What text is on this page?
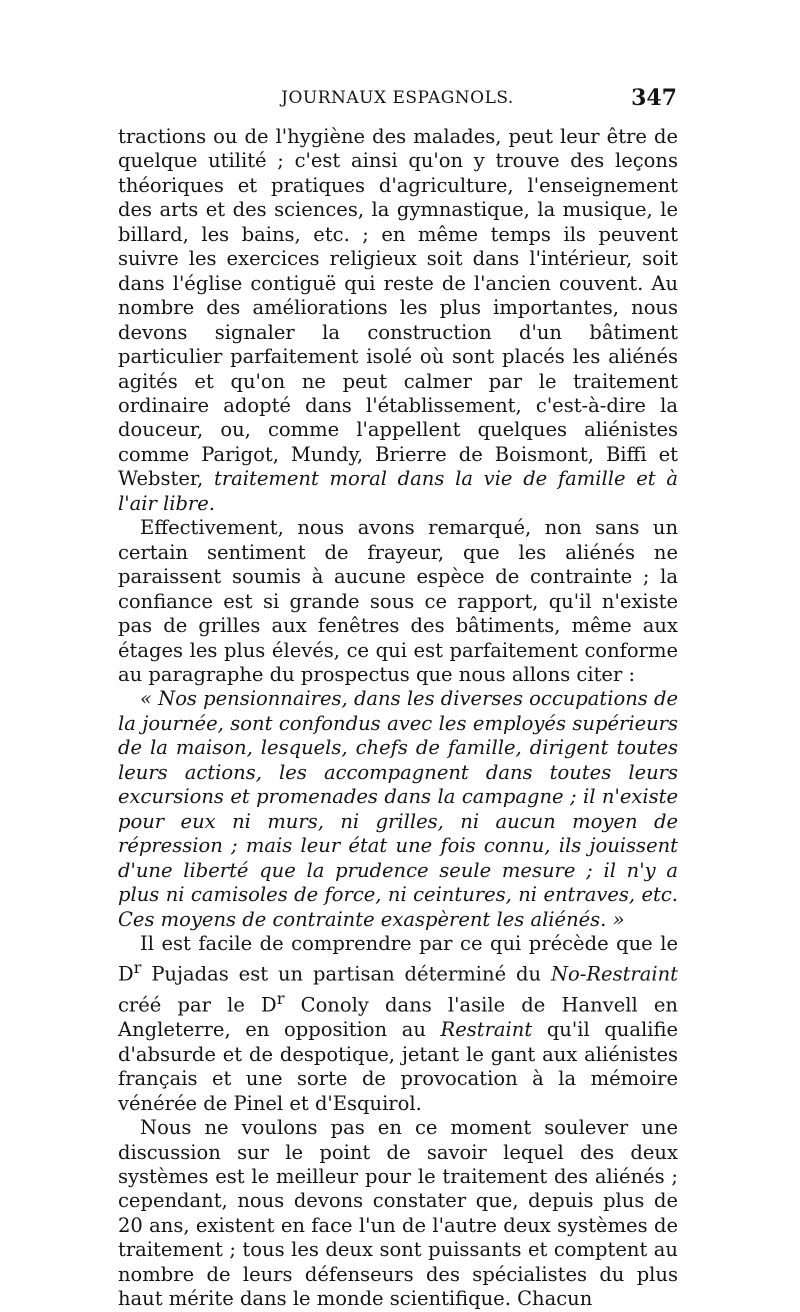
JOURNAUX ESPAGNOLS.	347

tractions ou de l'hygiène des malades, peut leur être de quelque utilité ; c'est ainsi qu'on y trouve des leçons théoriques et pratiques d'agriculture, l'enseignement des arts et des sciences, la gymnastique, la musique, le billard, les bains, etc. ; en même temps ils peuvent suivre les exercices religieux soit dans l'intérieur, soit dans l'église contiguë qui reste de l'ancien couvent. Au nombre des améliorations les plus importantes, nous devons signaler la construction d'un bâtiment particulier parfaitement isolé où sont placés les aliénés agités et qu'on ne peut calmer par le traitement ordinaire adopté dans l'établissement, c'est-à-dire la douceur, ou, comme l'appellent quelques aliénistes comme Parigot, Mundy, Brierre de Boismont, Biffi et Webster, traitement moral dans la vie de famille et à l'air libre.

Effectivement, nous avons remarqué, non sans un certain sentiment de frayeur, que les aliénés ne paraissent soumis à aucune espèce de contrainte ; la confiance est si grande sous ce rapport, qu'il n'existe pas de grilles aux fenêtres des bâtiments, même aux étages les plus élevés, ce qui est parfaitement conforme au paragraphe du prospectus que nous allons citer :

« Nos pensionnaires, dans les diverses occupations de la journée, sont confondus avec les employés supérieurs de la maison, lesquels, chefs de famille, dirigent toutes leurs actions, les accompagnent dans toutes leurs excursions et promenades dans la campagne ; il n'existe pour eux ni murs, ni grilles, ni aucun moyen de répression ; mais leur état une fois connu, ils jouissent d'une liberté que la prudence seule mesure ; il n'y a plus ni camisoles de force, ni ceintures, ni entraves, etc. Ces moyens de contrainte exaspèrent les aliénés. »

Il est facile de comprendre par ce qui précède que le $D^r$ Pujadas est un partisan déterminé du No-Restraint créé par le $D^r$ Conoly dans l'asile de Hanvell en Angleterre, en opposition au Restraint qu'il qualifie d'absurde et de despotique, jetant le gant aux aliénistes français et une sorte de provocation à la mémoire vénérée de Pinel et d'Esquirol.

Nous ne voulons pas en ce moment soulever une discussion sur le point de savoir lequel des deux systèmes est le meilleur pour le traitement des aliénés ; cependant, nous devons constater que, depuis plus de 20 ans, existent en face l'un de l'autre deux systèmes de traitement ; tous les deux sont puissants et comptent au nombre de leurs défenseurs des spécialistes du plus haut mérite dans le monde scientifique. Chacun
